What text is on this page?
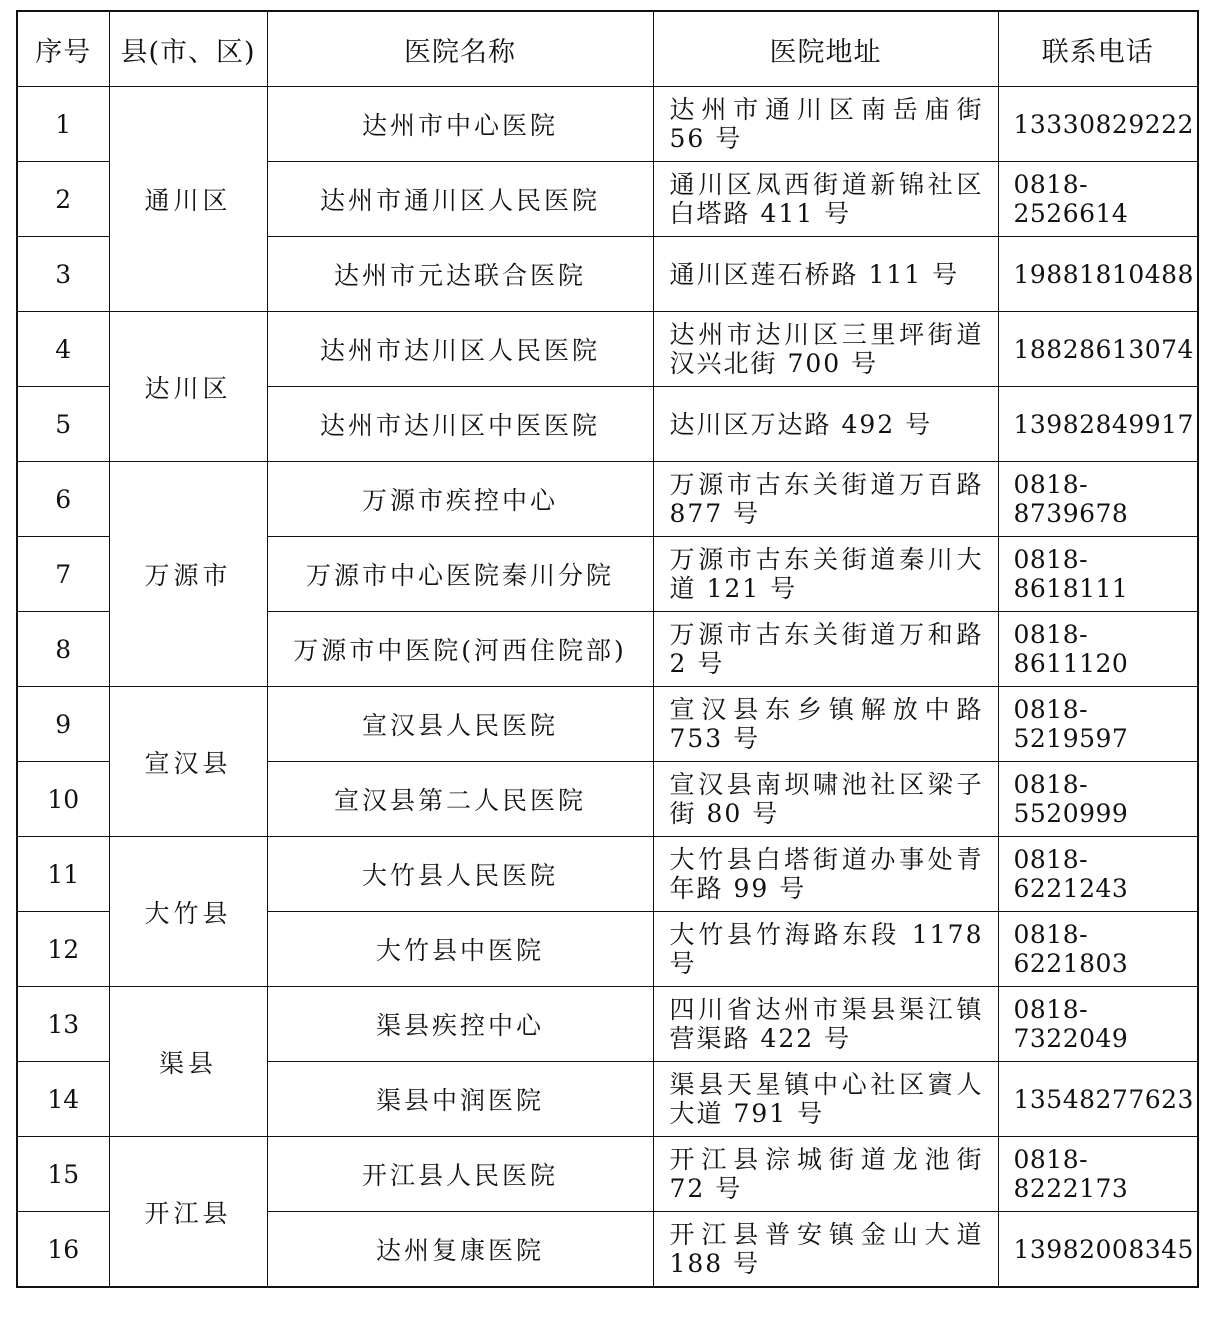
序号	县(市、区)	医院名称	医院地址	联系电话
1	通川区	达州市中心医院	达州市通川区南岳庙街 56 号	13330829222
2		达州市通川区人民医院	通川区凤西街道新锦社区白塔路 411 号	0818-2526614
3		达州市元达联合医院	通川区莲石桥路 111 号	19881810488
4	达川区	达州市达川区人民医院	达州市达川区三里坪街道汉兴北街 700 号	18828613074
5		达州市达川区中医医院	达川区万达路 492 号	13982849917
6	万源市	万源市疾控中心	万源市古东关街道万百路 877 号	0818-8739678
7		万源市中心医院秦川分院	万源市古东关街道秦川大道 121 号	0818-8618111
8		万源市中医院(河西住院部)	万源市古东关街道万和路 2 号	0818-8611120
9	宣汉县	宣汉县人民医院	宣汉县东乡镇解放中路 753 号	0818-5219597
10		宣汉县第二人民医院	宣汉县南坝啸池社区梁子街 80 号	0818-5520999
11	大竹县	大竹县人民医院	大竹县白塔街道办事处青年路 99 号	0818-6221243
12		大竹县中医院	大竹县竹海路东段 1178 号	0818-6221803
13	渠县	渠县疾控中心	四川省达州市渠县渠江镇营渠路 422 号	0818-7322049
14		渠县中润医院	渠县天星镇中心社区賨人大道 791 号	13548277623
15	开江县	开江县人民医院	开江县淙城街道龙池街 72 号	0818-8222173
16		达州复康医院	开江县普安镇金山大道 188 号	13982008345
